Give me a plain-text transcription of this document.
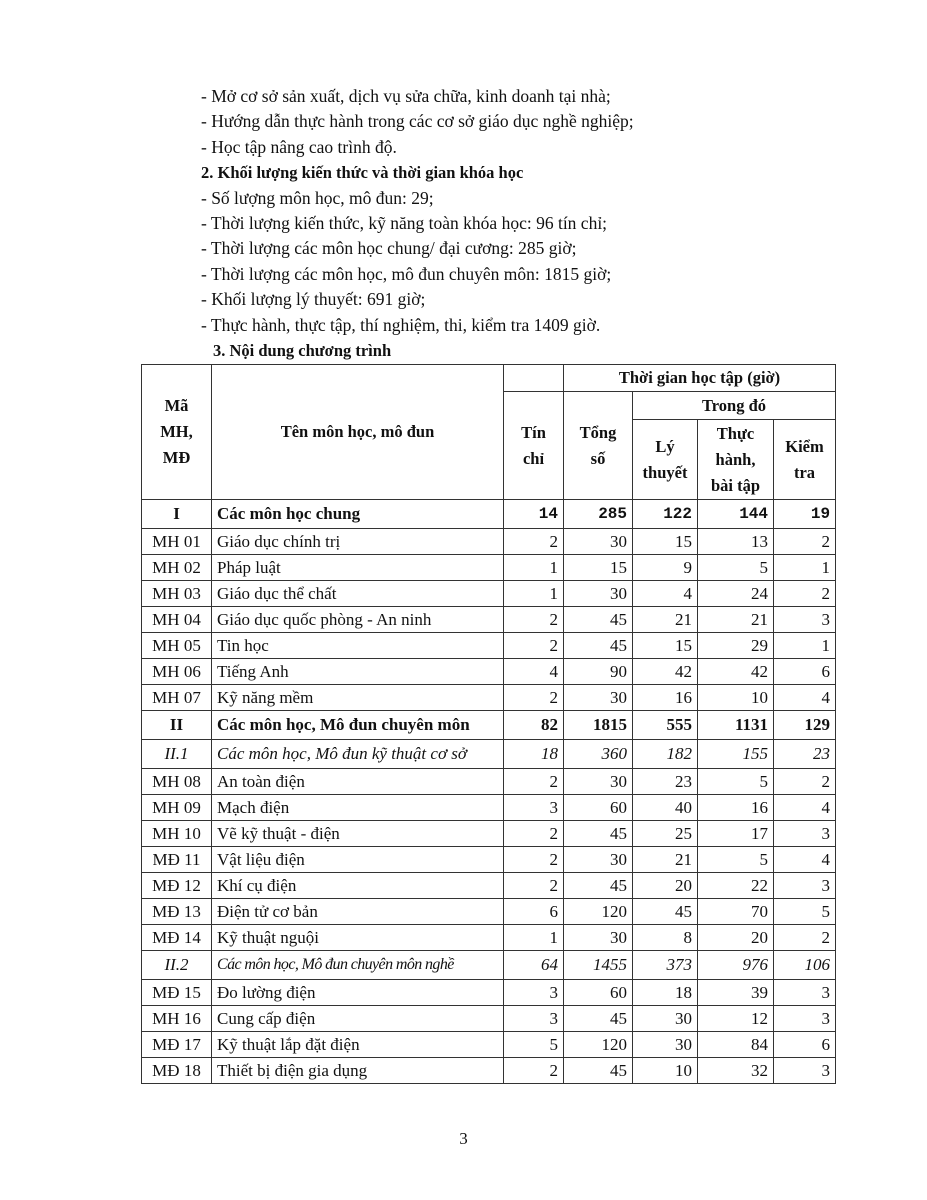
- Mở cơ sở sản xuất, dịch vụ sửa chữa, kinh doanh tại nhà;
- Hướng dẫn thực hành trong các cơ sở giáo dục nghề nghiệp;
- Học tập nâng cao trình độ.
2. Khối lượng kiến thức và thời gian khóa học
- Số lượng môn học, mô đun: 29;
- Thời lượng kiến thức, kỹ năng toàn khóa học: 96 tín chỉ;
- Thời lượng các môn học chung/ đại cương: 285 giờ;
- Thời lượng các môn học, mô đun chuyên môn: 1815 giờ;
- Khối lượng lý thuyết: 691 giờ;
- Thực hành, thực tập, thí nghiệm, thi, kiểm tra 1409 giờ.
3. Nội dung chương trình
Mã MH, MĐ	Tên môn học, mô đun		Thời gian học tập (giờ)			
		Tín chỉ	Tổng số	Trong đó		
				Lý thuyết	Thực hành, bài tập	Kiểm tra
I	Các môn học chung	14	285	122	144	19
MH 01	Giáo dục chính trị	2	30	15	13	2
MH 02	Pháp luật	1	15	9	5	1
MH 03	Giáo dục thể chất	1	30	4	24	2
MH 04	Giáo dục quốc phòng - An ninh	2	45	21	21	3
MH 05	Tin học	2	45	15	29	1
MH 06	Tiếng Anh	4	90	42	42	6
MH 07	Kỹ năng mềm	2	30	16	10	4
II	Các môn học, Mô đun chuyên môn	82	1815	555	1131	129
II.1	Các môn học, Mô đun kỹ thuật cơ sở	18	360	182	155	23
MH 08	An toàn điện	2	30	23	5	2
MH 09	Mạch điện	3	60	40	16	4
MH 10	Vẽ kỹ thuật - điện	2	45	25	17	3
MĐ 11	Vật liệu điện	2	30	21	5	4
MĐ 12	Khí cụ điện	2	45	20	22	3
MĐ 13	Điện tử cơ bản	6	120	45	70	5
MĐ 14	Kỹ thuật nguội	1	30	8	20	2
II.2	Các môn học, Mô đun chuyên môn nghề	64	1455	373	976	106
MĐ 15	Đo lường điện	3	60	18	39	3
MH 16	Cung cấp điện	3	45	30	12	3
MĐ 17	Kỹ thuật lắp đặt điện	5	120	30	84	6
MĐ 18	Thiết bị điện gia dụng	2	45	10	32	3
3
